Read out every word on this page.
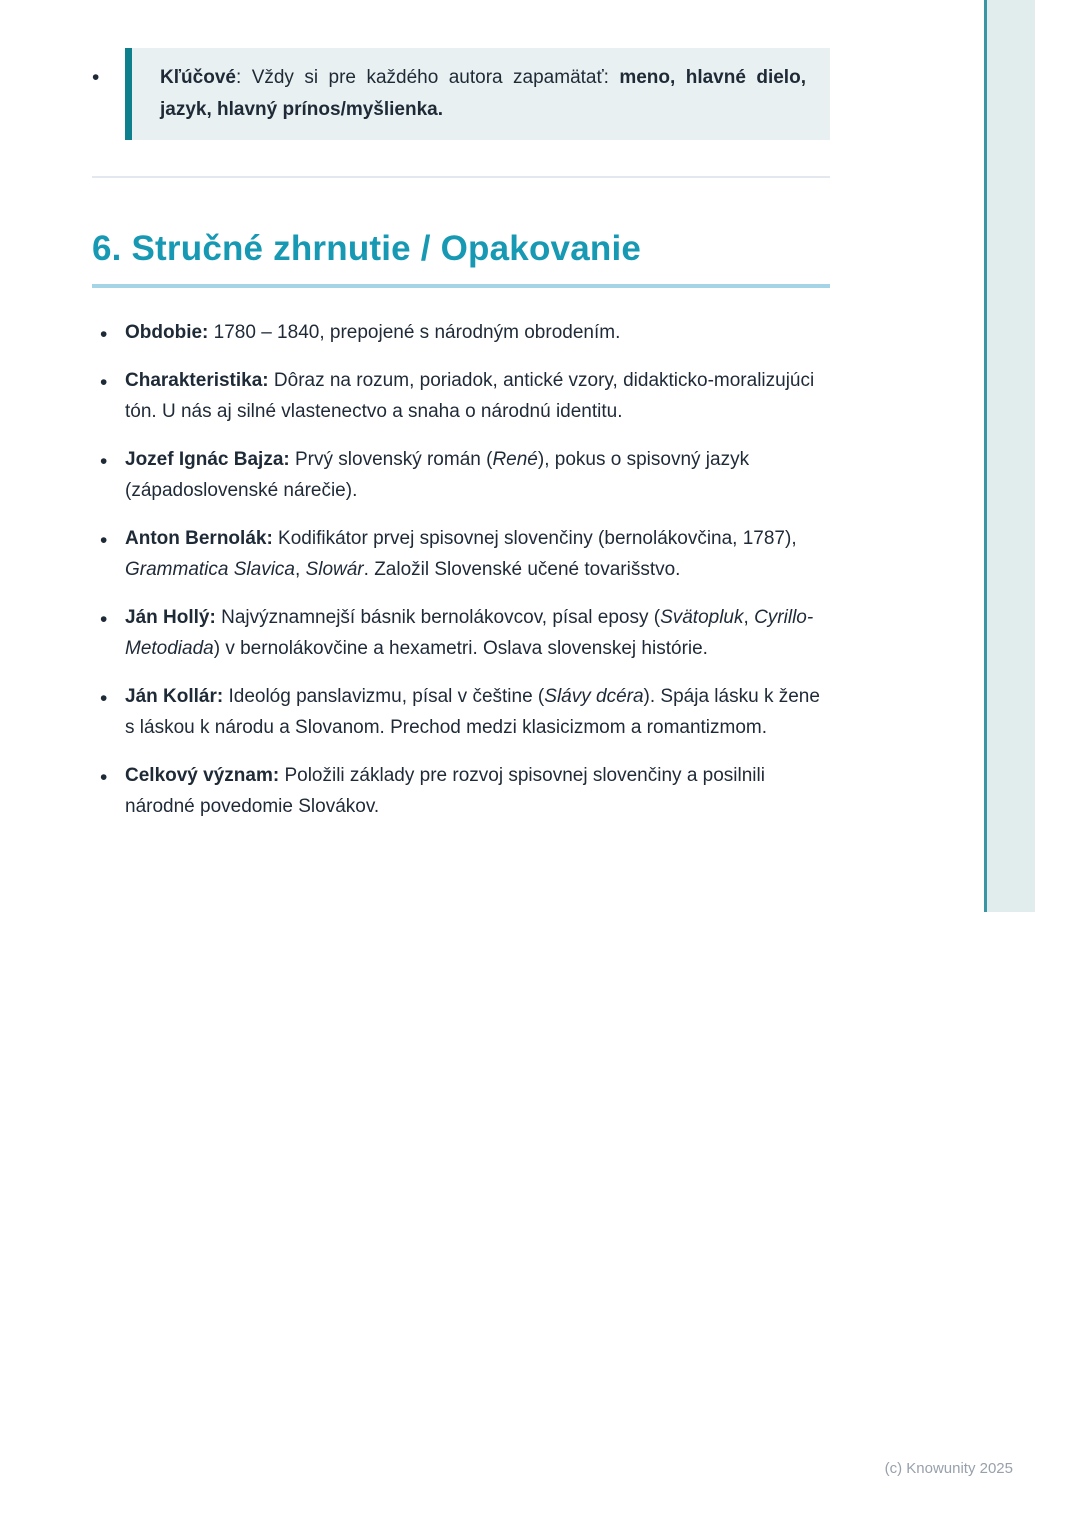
•	Kľúčové: Vždy si pre každého autora zapamätať: meno, hlavné dielo, jazyk, hlavný prínos/myšlienka.

6. Stručné zhrnutie / Opakovanie
• Obdobie: 1780 – 1840, prepojené s národným obrodením.
• Charakteristika: Dôraz na rozum, poriadok, antické vzory, didakticko-moralizujúci tón. U nás aj silné vlastenectvo a snaha o národnú identitu.
• Jozef Ignác Bajza: Prvý slovenský román (René), pokus o spisovný jazyk (západoslovenské nárečie).
• Anton Bernolák: Kodifikátor prvej spisovnej slovenčiny (bernolákovčina, 1787), Grammatica Slavica, Slowár. Založil Slovenské učené tovarišstvo.
• Ján Hollý: Najvýznamnejší básnik bernolákovcov, písal eposy (Svätopluk, Cyrillo-Metodiada) v bernolákovčine a hexametri. Oslava slovenskej histórie.
• Ján Kollár: Ideológ panslavizmu, písal v češtine (Slávy dcéra). Spája lásku k žene s láskou k národu a Slovanom. Prechod medzi klasicizmom a romantizmom.
• Celkový význam: Položili základy pre rozvoj spisovnej slovenčiny a posilnili národné povedomie Slovákov.
(c) Knowunity 2025
